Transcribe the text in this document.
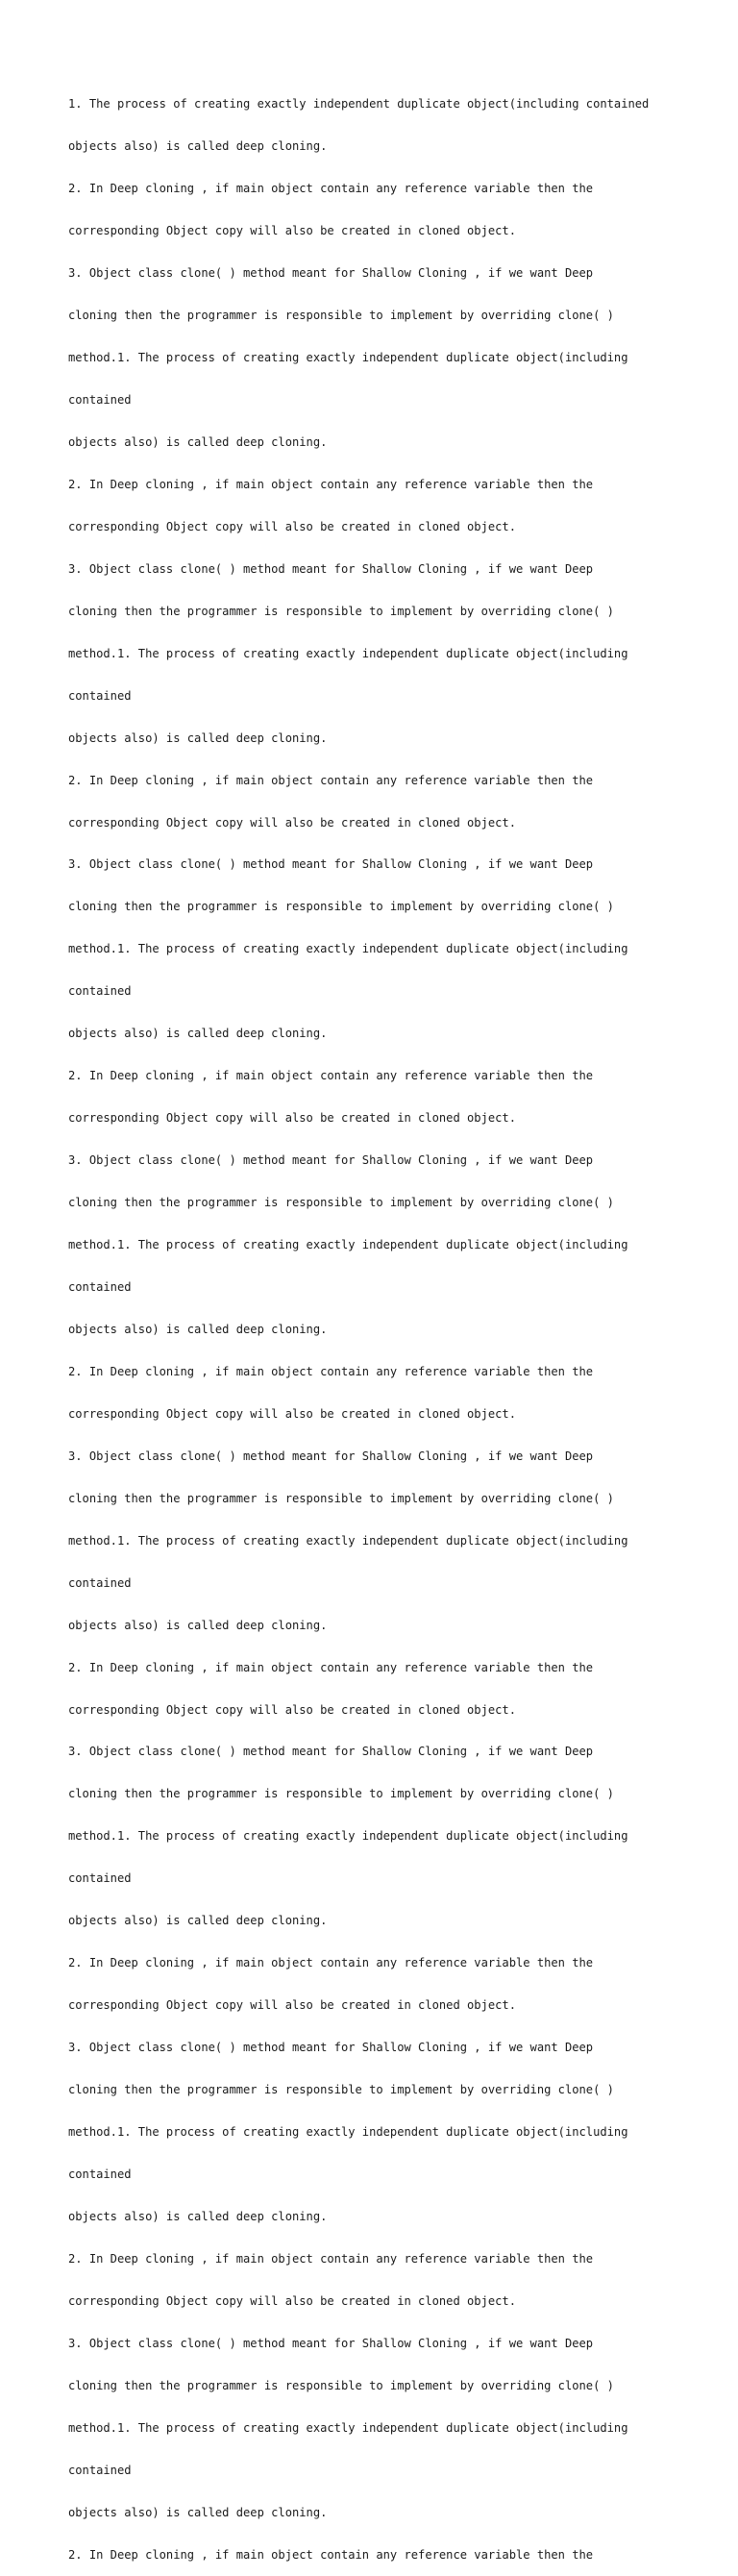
1. The process of creating exactly independent duplicate object(including contained

objects also) is called deep cloning.

2. In Deep cloning , if main object contain any reference variable then the

corresponding Object copy will also be created in cloned object.

3. Object class clone( ) method meant for Shallow Cloning , if we want Deep

cloning then the programmer is responsible to implement by overriding clone( )

method.1. The process of creating exactly independent duplicate object(including

contained

objects also) is called deep cloning.

2. In Deep cloning , if main object contain any reference variable then the

corresponding Object copy will also be created in cloned object.

3. Object class clone( ) method meant for Shallow Cloning , if we want Deep

cloning then the programmer is responsible to implement by overriding clone( )

method.1. The process of creating exactly independent duplicate object(including

contained

objects also) is called deep cloning.

2. In Deep cloning , if main object contain any reference variable then the

corresponding Object copy will also be created in cloned object.

3. Object class clone( ) method meant for Shallow Cloning , if we want Deep

cloning then the programmer is responsible to implement by overriding clone( )

method.1. The process of creating exactly independent duplicate object(including

contained

objects also) is called deep cloning.

2. In Deep cloning , if main object contain any reference variable then the

corresponding Object copy will also be created in cloned object.

3. Object class clone( ) method meant for Shallow Cloning , if we want Deep

cloning then the programmer is responsible to implement by overriding clone( )

method.1. The process of creating exactly independent duplicate object(including

contained

objects also) is called deep cloning.

2. In Deep cloning , if main object contain any reference variable then the

corresponding Object copy will also be created in cloned object.

3. Object class clone( ) method meant for Shallow Cloning , if we want Deep

cloning then the programmer is responsible to implement by overriding clone( )

method.1. The process of creating exactly independent duplicate object(including

contained

objects also) is called deep cloning.

2. In Deep cloning , if main object contain any reference variable then the

corresponding Object copy will also be created in cloned object.

3. Object class clone( ) method meant for Shallow Cloning , if we want Deep

cloning then the programmer is responsible to implement by overriding clone( )

method.1. The process of creating exactly independent duplicate object(including

contained

objects also) is called deep cloning.

2. In Deep cloning , if main object contain any reference variable then the

corresponding Object copy will also be created in cloned object.

3. Object class clone( ) method meant for Shallow Cloning , if we want Deep

cloning then the programmer is responsible to implement by overriding clone( )

method.1. The process of creating exactly independent duplicate object(including

contained

objects also) is called deep cloning.

2. In Deep cloning , if main object contain any reference variable then the

corresponding Object copy will also be created in cloned object.

3. Object class clone( ) method meant for Shallow Cloning , if we want Deep

cloning then the programmer is responsible to implement by overriding clone( )

method.1. The process of creating exactly independent duplicate object(including

contained

objects also) is called deep cloning.

2. In Deep cloning , if main object contain any reference variable then the
